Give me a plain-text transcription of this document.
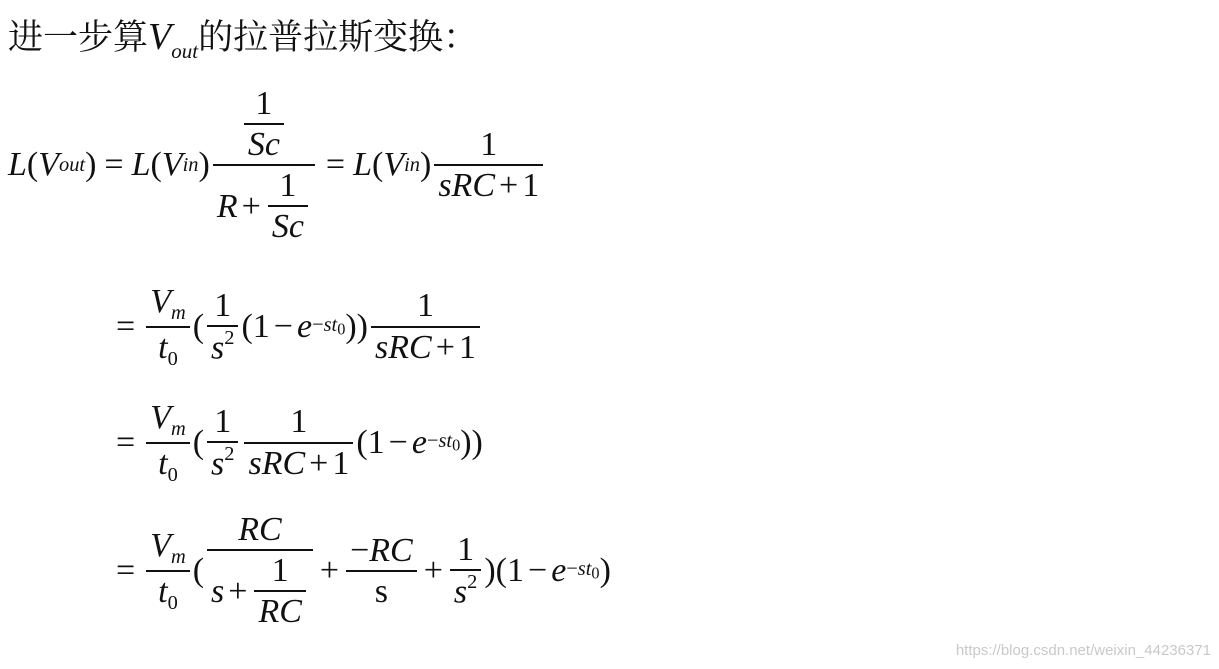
进一步算$V_{out}$的拉普拉斯变换：
L ( V out ) = L ( V in ) $\frac{\frac{1}{Sc}}{R + \frac{1}{Sc}} = L$ ( V in ) $\frac{1}{\text{sRC + 1}}$
= $\frac{V_m}{t_0}$ ( $\frac{1}{s^2} (1 - e -st0$ )) $\frac{1}{\text{sRC + 1}}$
= $\frac{V_m}{t_0}$ ( $\frac{1}{s^2} \frac{1}{\text{sRC + 1}} (1 - e -st0$ ))
= $\frac{V_m}{t_0}$ ( $\frac{RC}{s + \frac{1}{RC}} + \frac{-RC}{s} + \frac{1}{s^2} )(1 - e -st0$ )
https://blog.csdn.net/weixin_44236371
